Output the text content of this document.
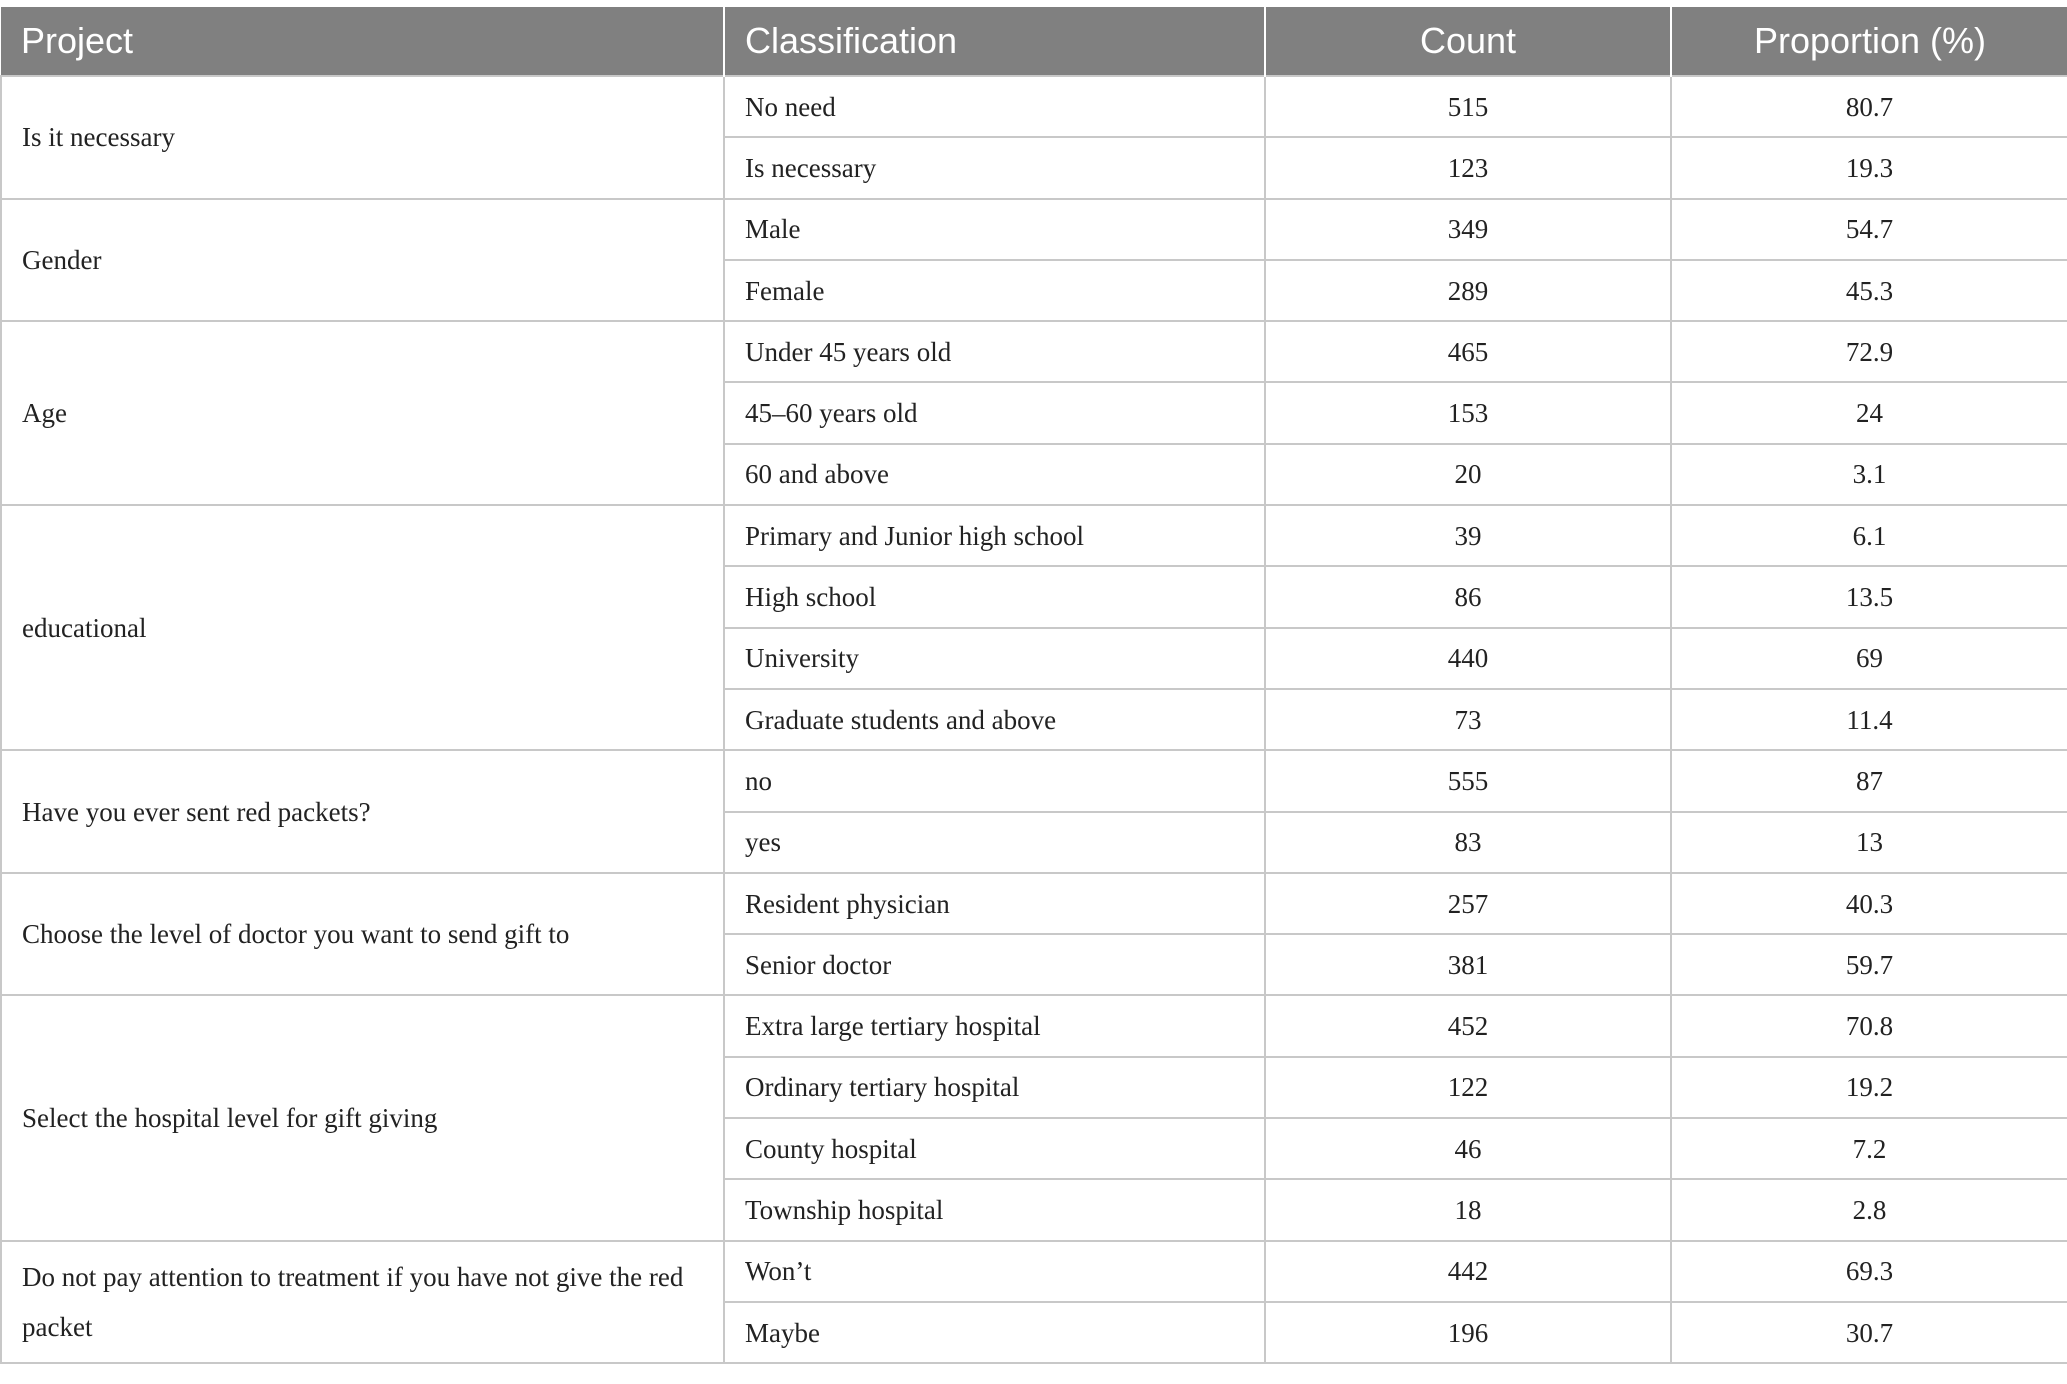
Project	Classification	Count	Proportion (%)
Is it necessary	No need	515	80.7
	Is necessary	123	19.3
Gender	Male	349	54.7
	Female	289	45.3
Age	Under 45 years old	465	72.9
	45–60 years old	153	24
	60 and above	20	3.1
educational	Primary and Junior high school	39	6.1
	High school	86	13.5
	University	440	69
	Graduate students and above	73	11.4
Have you ever sent red packets?	no	555	87
	yes	83	13
Choose the level of doctor you want to send gift to	Resident physician	257	40.3
	Senior doctor	381	59.7
Select the hospital level for gift giving	Extra large tertiary hospital	452	70.8
	Ordinary tertiary hospital	122	19.2
	County hospital	46	7.2
	Township hospital	18	2.8
Do not pay attention to treatment if you have not give the red packet	Won’t	442	69.3
	Maybe	196	30.7
